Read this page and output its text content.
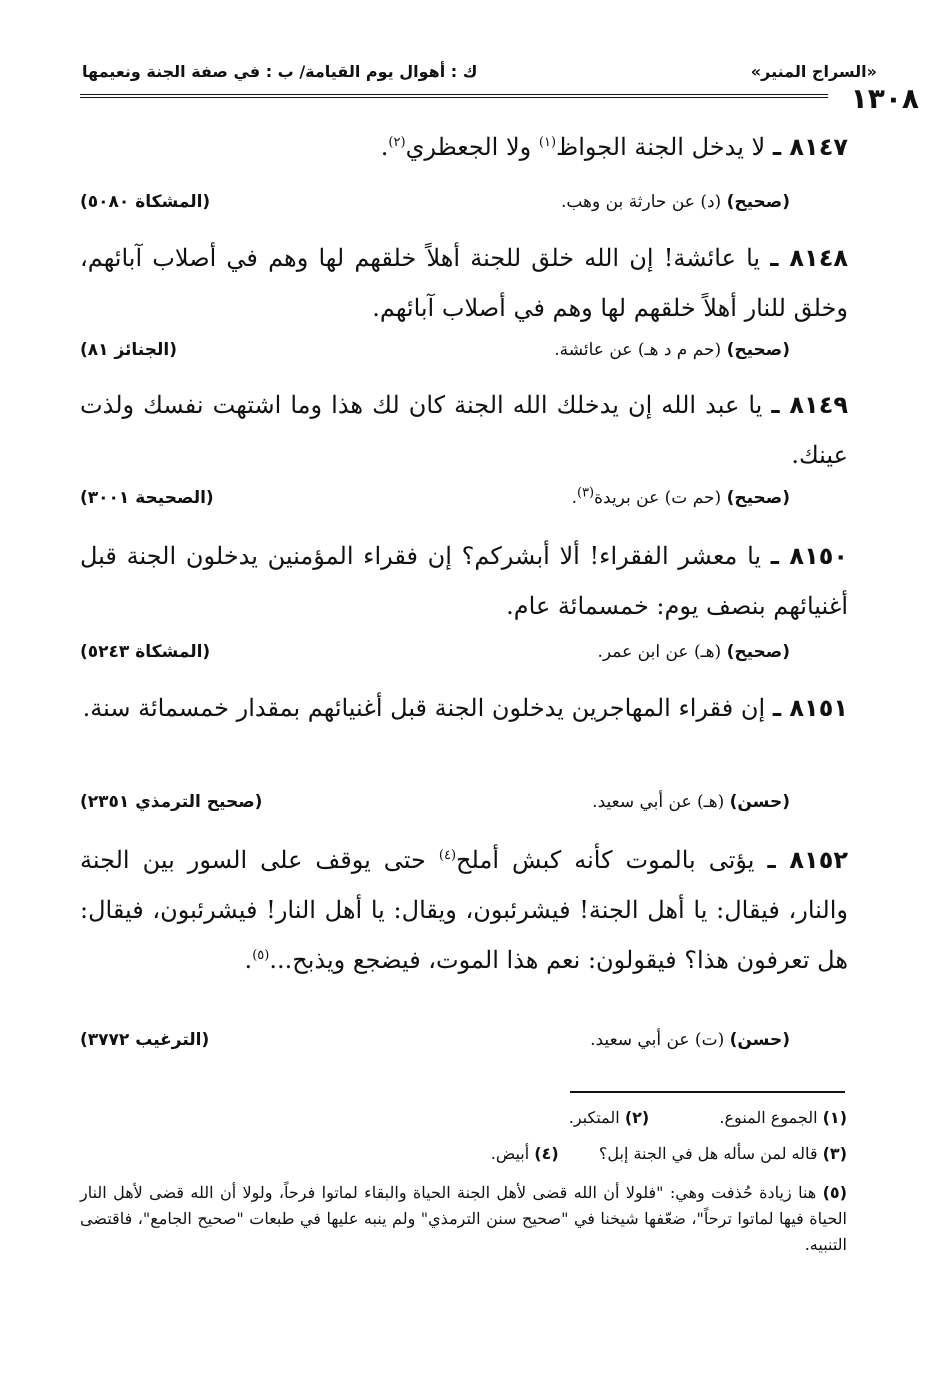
١٣٠٨
«السراج المنير»
ك : أهوال يوم القيامة/ ب : في صفة الجنة ونعيمها
٨١٤٧ ـ لا يدخل الجنة الجواظ$^{(١)}$ ولا الجعظري$^{(٢)}$.
(صحيح) (د) عن حارثة بن وهب.
(المشكاة ٥٠٨٠)
٨١٤٨ ـ يا عائشة! إن الله خلق للجنة أهلاً خلقهم لها وهم في أصلاب آبائهم، وخلق للنار أهلاً خلقهم لها وهم في أصلاب آبائهم.
(صحيح) (حم م د هـ) عن عائشة.
(الجنائز ٨١)
٨١٤٩ ـ يا عبد الله إن يدخلك الله الجنة كان لك هذا وما اشتهت نفسك ولذت عينك.
(صحيح) (حم ت) عن بريدة$^{(٣)}$.
(الصحيحة ٣٠٠١)
٨١٥٠ ـ يا معشر الفقراء! ألا أبشركم؟ إن فقراء المؤمنين يدخلون الجنة قبل أغنيائهم بنصف يوم: خمسمائة عام.
(صحيح) (هـ) عن ابن عمر.
(المشكاة ٥٢٤٣)
٨١٥١ ـ إن فقراء المهاجرين يدخلون الجنة قبل أغنيائهم بمقدار خمسمائة سنة.
(حسن) (هـ) عن أبي سعيد.
(صحيح الترمذي ٢٣٥١)
٨١٥٢ ـ يؤتى بالموت كأنه كبش أملح$^{(٤)}$ حتى يوقف على السور بين الجنة والنار، فيقال: يا أهل الجنة! فيشرئبون، ويقال: يا أهل النار! فيشرئبون، فيقال: هل تعرفون هذا؟ فيقولون: نعم هذا الموت، فيضجع ويذبح...$^{(٥)}$.
(حسن) (ت) عن أبي سعيد.
(الترغيب ٣٧٧٢)
(١) الجموع المنوع.  (٢) المتكبر.
(٣) قاله لمن سأله هل في الجنة إبل؟  (٤) أبيض.
(٥) هنا زيادة حُذفت وهي: "فلولا أن الله قضى لأهل الجنة الحياة والبقاء لماتوا فرحاً، ولولا أن الله قضى لأهل النار الحياة فيها لماتوا ترحاً"، ضعّفها شيخنا في "صحيح سنن الترمذي" ولم ينبه عليها في طبعات "صحيح الجامع"، فاقتضى التنبيه.
